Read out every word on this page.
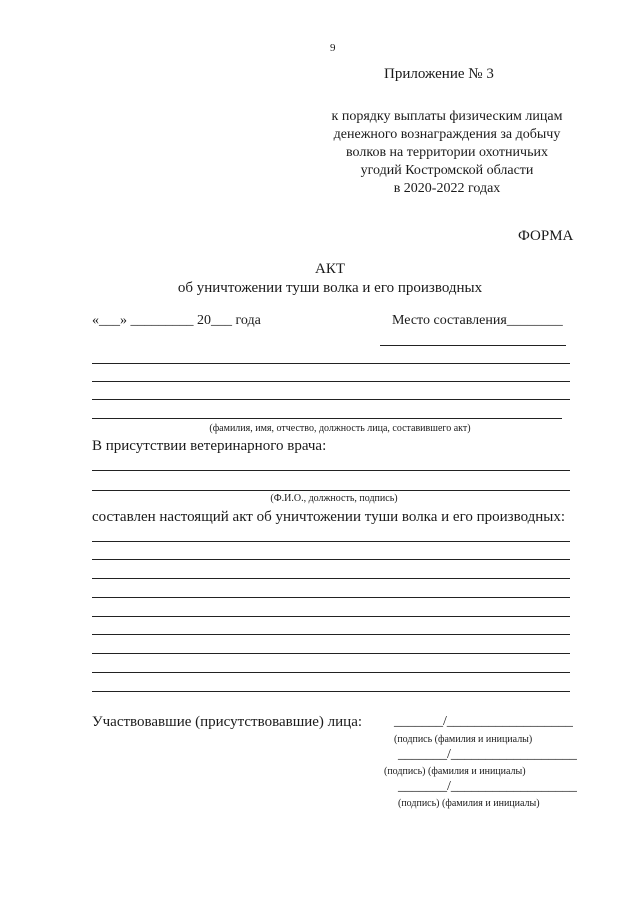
9
Приложение № 3
к порядку выплаты физическим лицам
денежного вознаграждения за добычу
волков на территории охотничьих
угодий Костромской области
в 2020-2022 годах
ФОРМА
АКТ
об уничтожении туши волка и его производных
«___» _________ 20___ года	Место составления________
(фамилия, имя, отчество, должность лица, составившего акт)
В присутствии ветеринарного врача:
(Ф.И.О., должность, подпись)
составлен настоящий акт об уничтожении туши волка и его производных:
Участвовавшие (присутствовавшие) лица: _______/__________________
(подпись (фамилия и инициалы)
_______/__________________
(подпись) (фамилия и инициалы)
_______/__________________
(подпись) (фамилия и инициалы)
